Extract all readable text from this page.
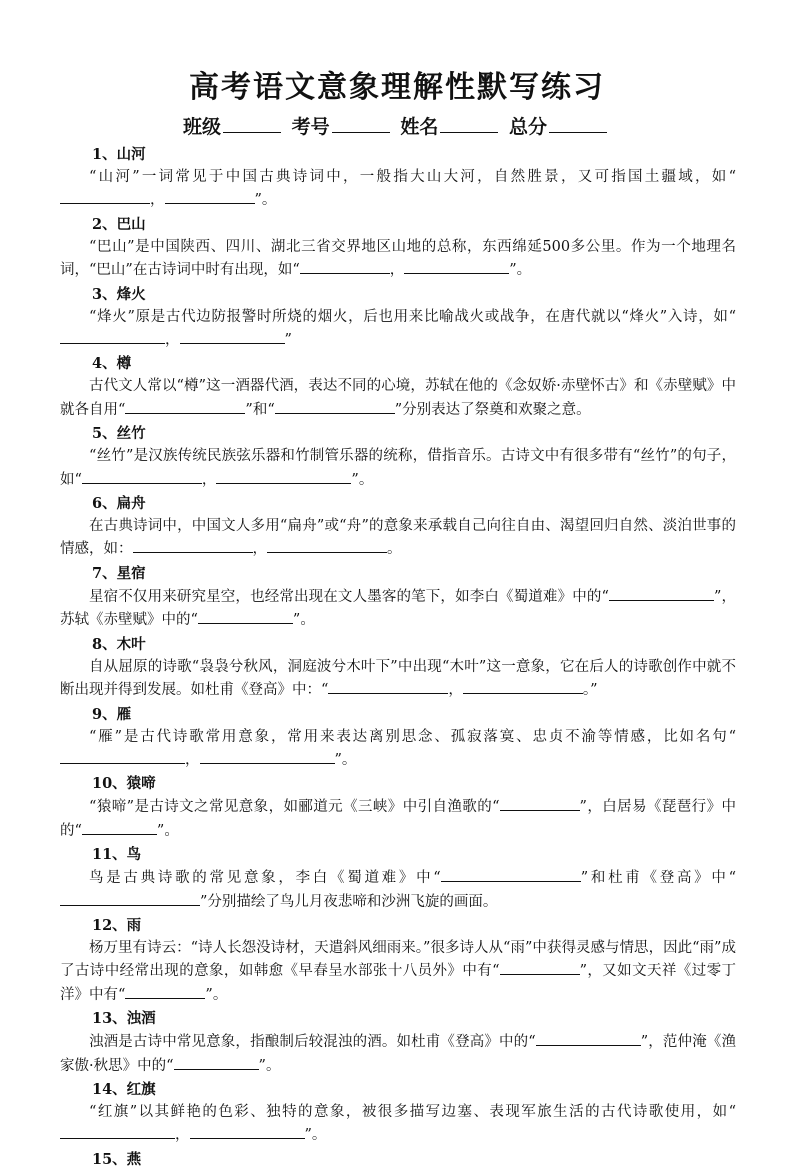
高考语文意象理解性默写练习
班级	考号	姓名	总分
1、山河
“山河”一词常见于中国古典诗词中，一般指大山大河，自然胜景，又可指国土疆域，如“，	”。
2、巴山
“巴山”是中国陕西、四川、湖北三省交界地区山地的总称，东西绵延500多公里。作为一个地理名词，“巴山”在古诗词中时有出现，如“	，	”。
3、烽火
“烽火”原是古代边防报警时所烧的烟火，后也用来比喻战火或战争，在唐代就以“烽火”入诗，如“，	”
4、樽
古代文人常以“樽”这一酒器代酒，表达不同的心境，苏轼在他的《念奴娇·赤壁怀古》和《赤壁赋》中就各自用“	”和“	”分别表达了祭奠和欢聚之意。
5、丝竹
“丝竹”是汉族传统民族弦乐器和竹制管乐器的统称，借指音乐。古诗文中有很多带有“丝竹”的句子，如“	，	”。
6、扁舟
在古典诗词中，中国文人多用“扁舟”或“舟”的意象来承载自己向往自由、渴望回归自然、淡泊世事的情感，如：	，	。
7、星宿
星宿不仅用来研究星空，也经常出现在文人墨客的笔下，如李白《蜀道难》中的“	”，苏轼《赤壁赋》中的“	”。
8、木叶
自从屈原的诗歌“袅袅兮秋风，洞庭波兮木叶下”中出现“木叶”这一意象，它在后人的诗歌创作中就不断出现并得到发展。如杜甫《登高》中：“	，	。”
9、雁
“雁”是古代诗歌常用意象，常用来表达离别思念、孤寂落寞、忠贞不渝等情感，比如名句“，	”。
10、猿啼
“猿啼”是古诗文之常见意象，如郦道元《三峡》中引自渔歌的“	”，白居易《琵琶行》中的“	”。
11、鸟
鸟是古典诗歌的常见意象，李白《蜀道难》中“	”和杜甫《登高》中“”分别描绘了鸟儿月夜悲啼和沙洲飞旋的画面。
12、雨
杨万里有诗云：“诗人长怨没诗材，天遣斜风细雨来。”很多诗人从“雨”中获得灵感与情思，因此“雨”成了古诗中经常出现的意象，如韩愈《早春呈水部张十八员外》中有“	”，又如文天祥《过零丁洋》中有“	”。
13、浊酒
浊酒是古诗中常见意象，指酿制后较混浊的酒。如杜甫《登高》中的“	”，范仲淹《渔家傲·秋思》中的“	”。
14、红旗
“红旗”以其鲜艳的色彩、独特的意象，被很多描写边塞、表现军旅生活的古代诗歌使用，如“，	”。
15、燕
